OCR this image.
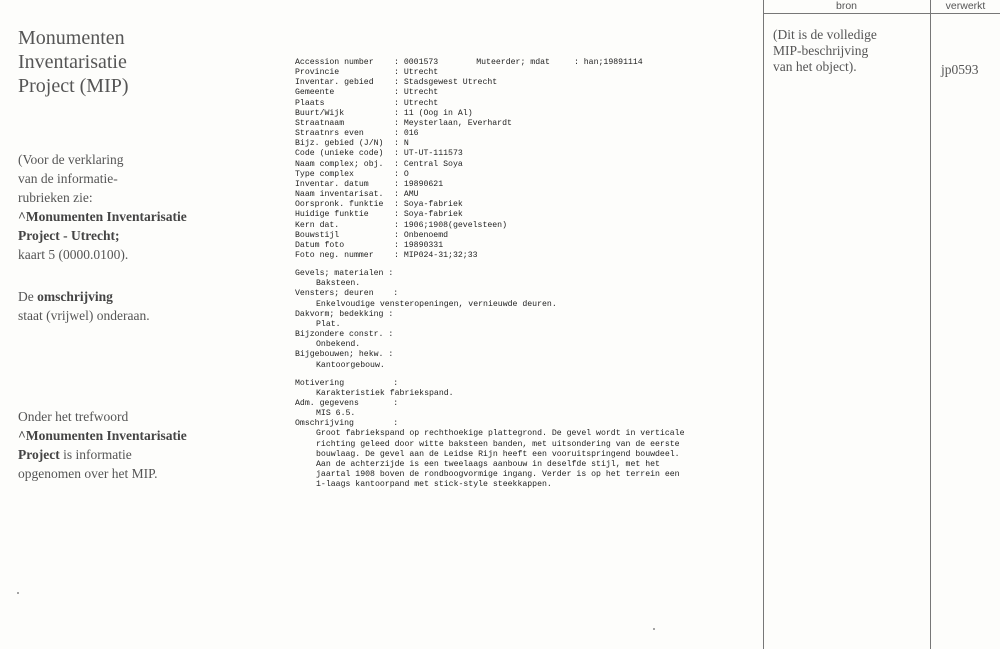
Monumenten
Inventarisatie
Project (MIP)
(Voor de verklaring
van de informatie-
rubrieken zie:
^Monumenten Inventarisatie
Project - Utrecht;
kaart 5 (0000.0100).
De omschrijving
staat (vrijwel) onderaan.
Onder het trefwoord
^Monumenten Inventarisatie
Project is informatie
opgenomen over het MIP.
Accession number	: 0001573	Muteerder; mdat	: han;19891114
Provincie	: Utrecht
Inventar. gebied	: Stadsgewest Utrecht
Gemeente	: Utrecht
Plaats	: Utrecht
Buurt/Wijk	: 11 (Oog in Al)
Straatnaam	: Meysterlaan, Everhardt
Straatnrs even	: 016
Bijz. gebied (J/N)	: N
Code (unieke code)	: UT-UT-111573
Naam complex; obj.	: Central Soya
Type complex	: O
Inventar. datum	: 19890621
Naam inventarisat.	: AMU
Oorspronk. funktie	: Soya-fabriek
Huidige funktie	: Soya-fabriek
Kern dat.	: 1906;1908(gevelsteen)
Bouwstijl	: Onbenoemd
Datum foto	: 19890331
Foto neg. nummer	: MIP024-31;32;33
Gevels; materialen :
Baksteen.
Vensters; deuren    :
Enkelvoudige vensteropeningen, vernieuwde deuren.
Dakvorm; bedekking :
Plat.
Bijzondere constr. :
Onbekend.
Bijgebouwen; hekw. :
Kantoorgebouw.
Motivering          :
Karakteristiek fabriekspand.
Adm. gegevens       :
MIS 6.5.
Omschrijving        :
Groot fabriekspand op rechthoekige plattegrond. De gevel wordt in verticale
richting geleed door witte baksteen banden, met uitsondering van de eerste
bouwlaag. De gevel aan de Leidse Rijn heeft een vooruitspringend bouwdeel.
Aan de achterzijde is een tweelaags aanbouw in deselfde stijl, met het
jaartal 1908 boven de rondboogvormige ingang. Verder is op het terrein een
1-laags kantoorpand met stick-style steekkappen.
bron	verwerkt
(Dit is de volledige
MIP-beschrijving
van het object).	jp0593
